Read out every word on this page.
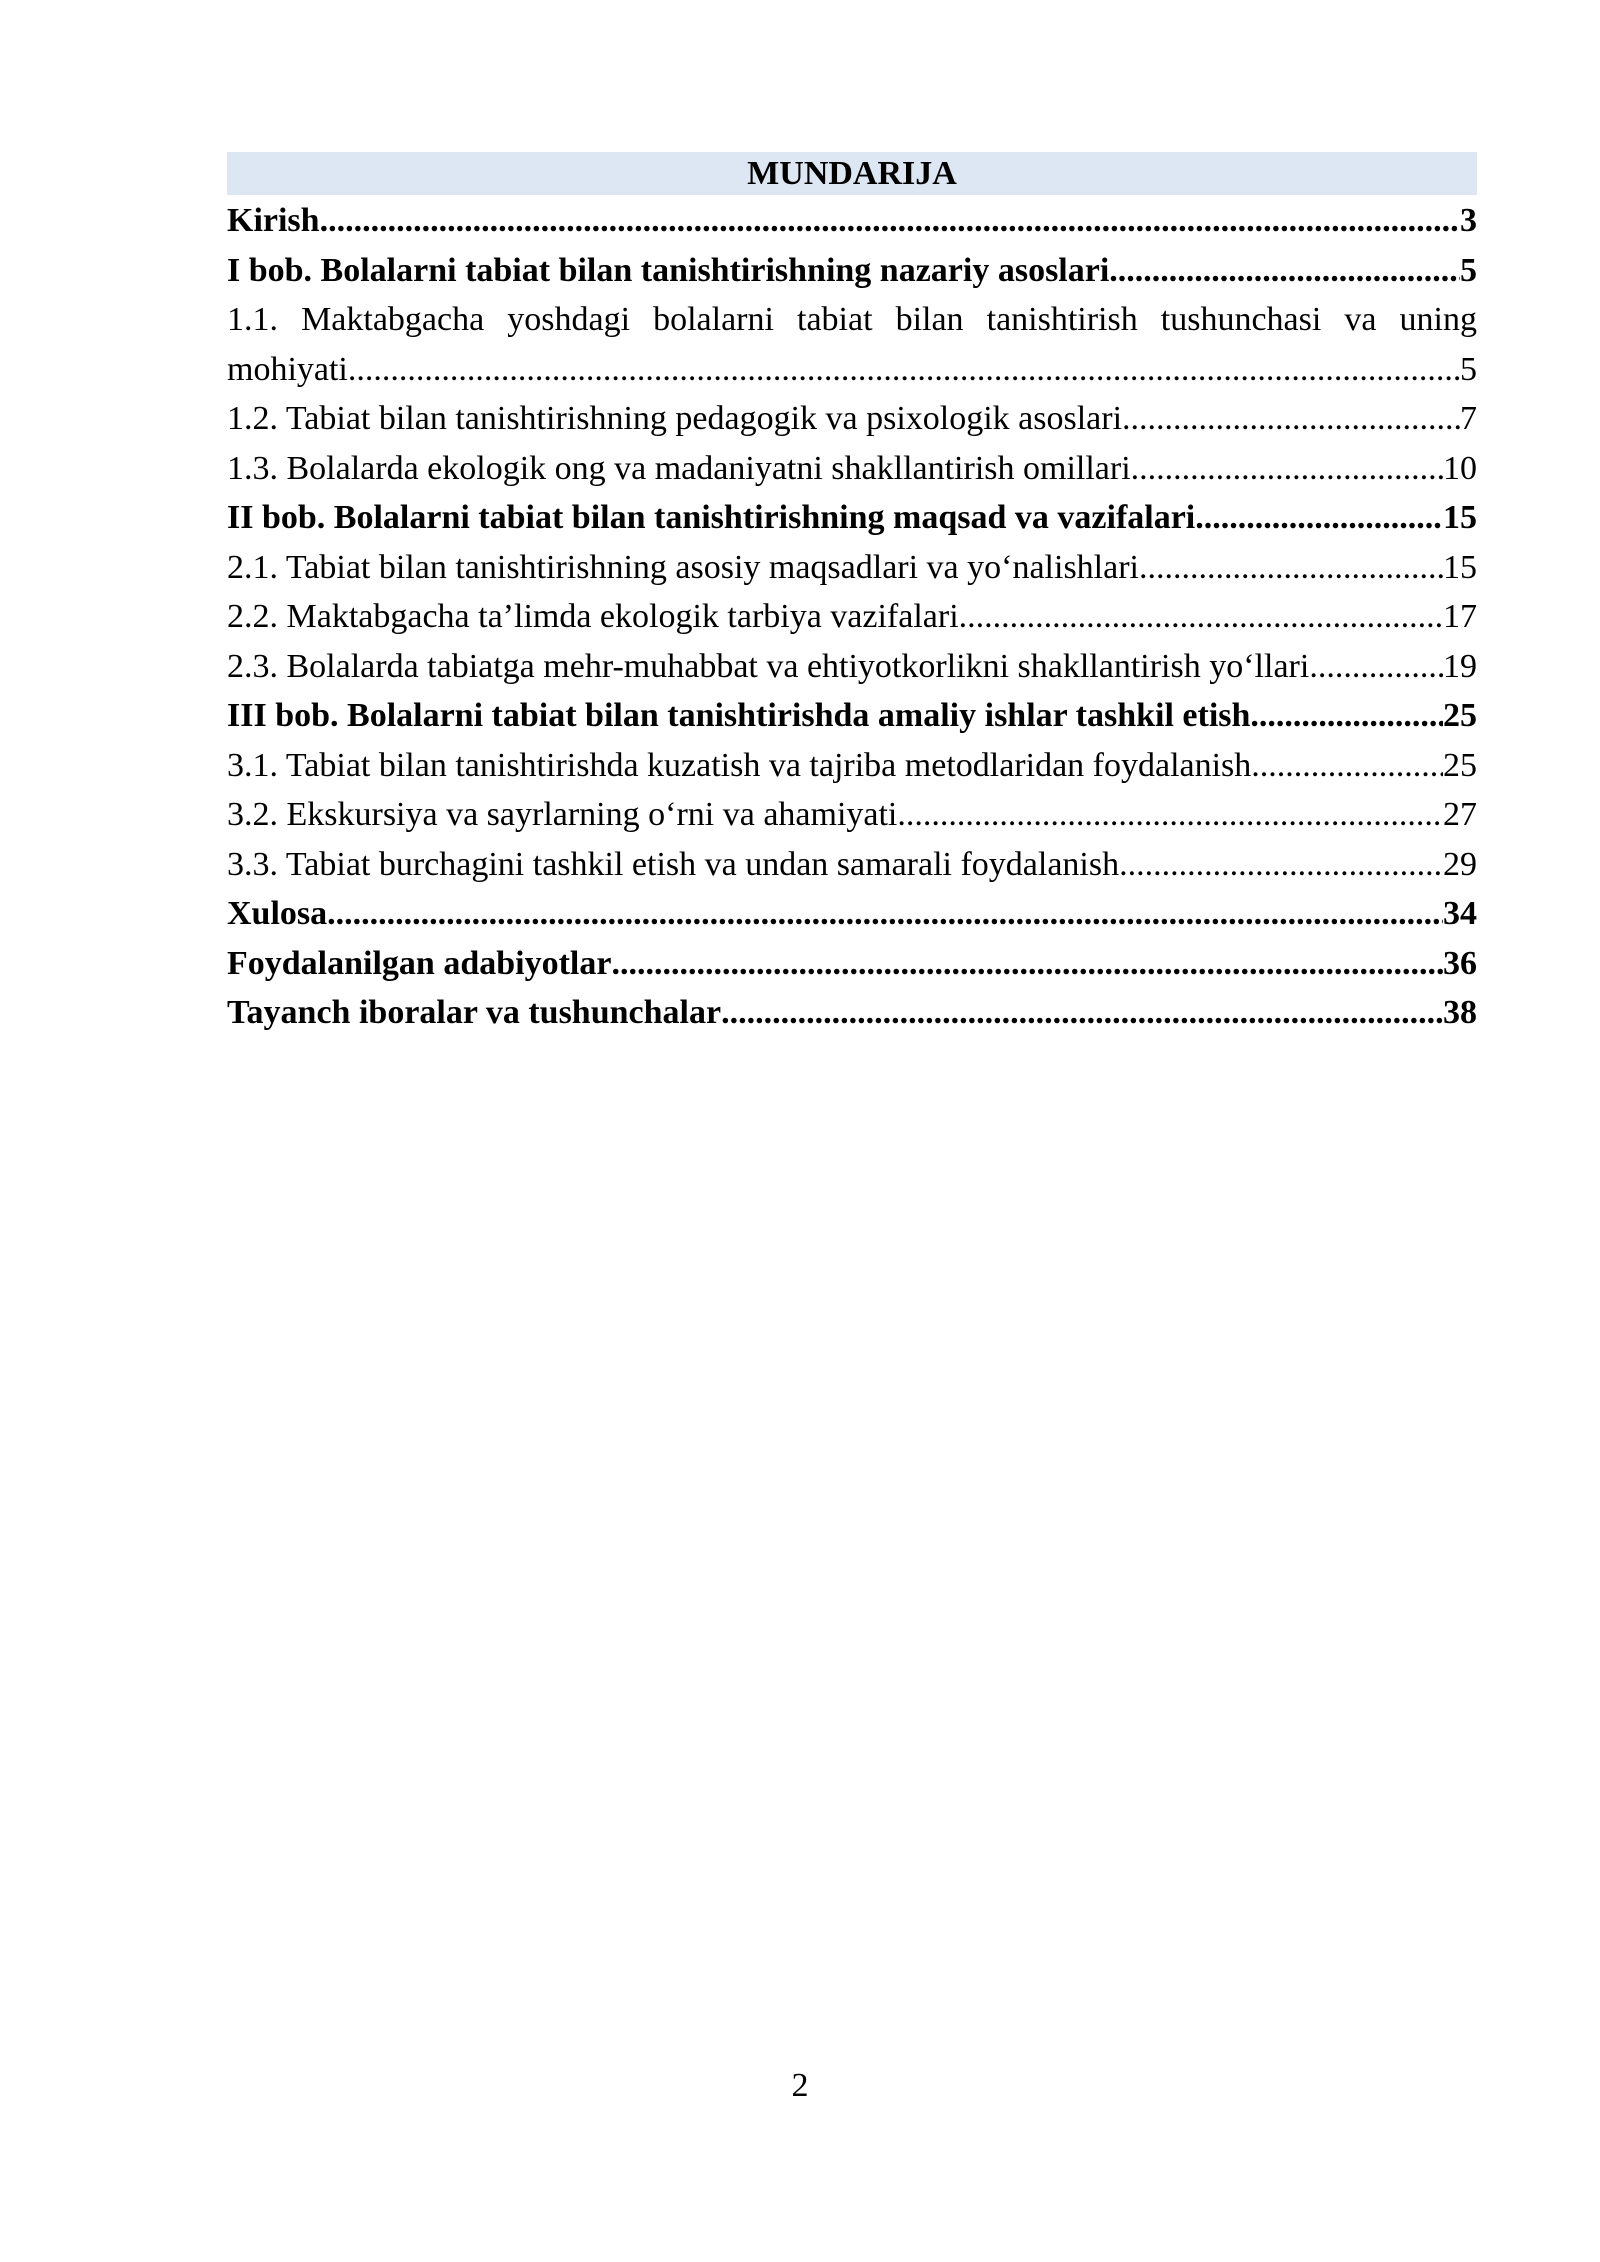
MUNDARIJA
Kirish .....	3
I bob. Bolalarni tabiat bilan tanishtirishning nazariy asoslari .....	5
1.1. Maktabgacha yoshdagi bolalarni tabiat bilan tanishtirish tushunchasi va uning
mohiyati .....	5
1.2. Tabiat bilan tanishtirishning pedagogik va psixologik asoslari .....	7
1.3. Bolalarda ekologik ong va madaniyatni shakllantirish omillari .....	10
II bob. Bolalarni tabiat bilan tanishtirishning maqsad va vazifalari .....	15
2.1. Tabiat bilan tanishtirishning asosiy maqsadlari va yo‘nalishlari .....	15
2.2. Maktabgacha ta’limda ekologik tarbiya vazifalari .....	17
2.3. Bolalarda tabiatga mehr-muhabbat va ehtiyotkorlikni shakllantirish yo‘llari .....	19
III bob. Bolalarni tabiat bilan tanishtirishda amaliy ishlar tashkil etish .....	25
3.1. Tabiat bilan tanishtirishda kuzatish va tajriba metodlaridan foydalanish .....	25
3.2. Ekskursiya va sayrlarning o‘rni va ahamiyati .....	27
3.3. Tabiat burchagini tashkil etish va undan samarali foydalanish .....	29
Xulosa .....	34
Foydalanilgan adabiyotlar .....	36
Tayanch iboralar va tushunchalar .....	38
2
